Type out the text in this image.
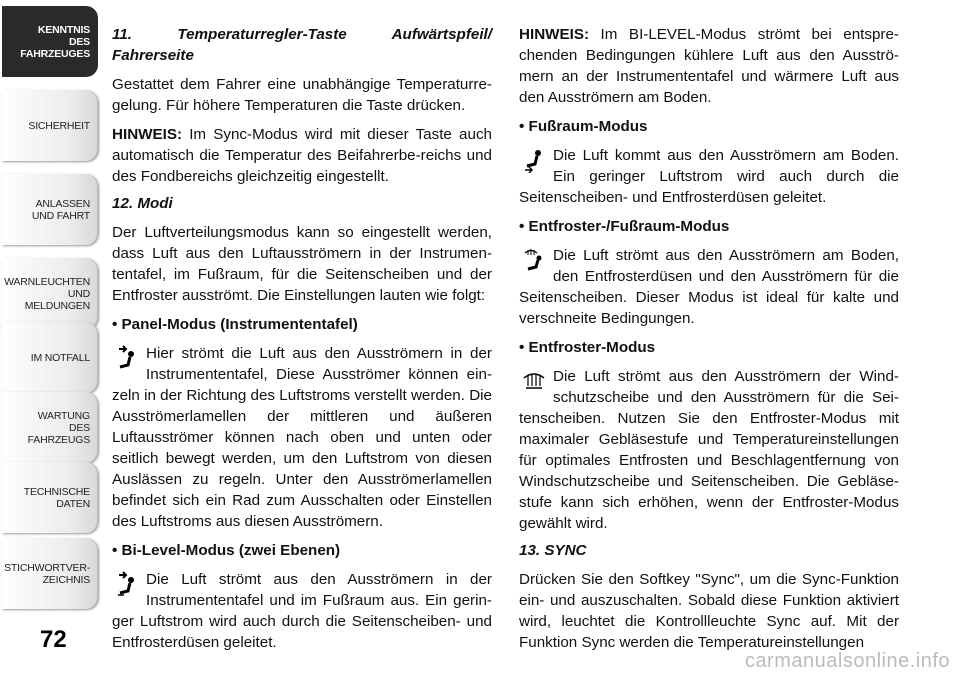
KENNTNIS
DES
FAHRZEUGES
SICHERHEIT
ANLASSEN
UND FAHRT
WARNLEUCHTEN
UND
MELDUNGEN
IM NOTFALL
WARTUNG
DES
FAHRZEUGS
TECHNISCHE
DATEN
STICHWORTVER-
ZEICHNIS
72
carmanualsonline.info

11. Temperaturregler-Taste Aufwärtspfeil/ Fahrerseite

Gestattet dem Fahrer eine unabhängige Temperaturre-gelung. Für höhere Temperaturen die Taste drücken.

HINWEIS: Im Sync-Modus wird mit dieser Taste auch automatisch die Temperatur des Beifahrerbe-reichs und des Fondbereichs gleichzeitig eingestellt.

12. Modi

Der Luftverteilungsmodus kann so eingestellt werden, dass Luft aus den Luftausströmern in der Instrumen-tentafel, im Fußraum, für die Seitenscheiben und der Entfroster ausströmt. Die Einstellungen lauten wie folgt:

• Panel-Modus (Instrumententafel)

Hier strömt die Luft aus den Ausströmern in der Instrumententafel, Diese Ausströmer können ein-zeln in der Richtung des Luftstroms verstellt werden. Die Ausströmerlamellen der mittleren und äußeren Luftausströmer können nach oben und unten oder seitlich bewegt werden, um den Luftstrom von diesen Auslässen zu regeln. Unter den Ausströmerlamellen befindet sich ein Rad zum Ausschalten oder Einstellen des Luftstroms aus diesen Ausströmern.

• Bi-Level-Modus (zwei Ebenen)

Die Luft strömt aus den Ausströmern in der Instrumententafel und im Fußraum aus. Ein gerin-ger Luftstrom wird auch durch die Seitenscheiben- und Entfrosterdüsen geleitet.

HINWEIS: Im BI-LEVEL-Modus strömt bei entspre-chenden Bedingungen kühlere Luft aus den Ausströ-mern an der Instrumententafel und wärmere Luft aus den Ausströmern am Boden.

• Fußraum-Modus

Die Luft kommt aus den Ausströmern am Boden. Ein geringer Luftstrom wird auch durch die Seitenscheiben- und Entfrosterdüsen geleitet.

• Entfroster-/Fußraum-Modus

Die Luft strömt aus den Ausströmern am Boden, den Entfrosterdüsen und den Ausströmern für die Seitenscheiben. Dieser Modus ist ideal für kalte und verschneite Bedingungen.

• Entfroster-Modus

Die Luft strömt aus den Ausströmern der Wind-schutzscheibe und den Ausströmern für die Sei-tenscheiben. Nutzen Sie den Entfroster-Modus mit maximaler Gebläsestufe und Temperatureinstellungen für optimales Entfrosten und Beschlagentfernung von Windschutzscheibe und Seitenscheiben. Die Gebläse-stufe kann sich erhöhen, wenn der Entfroster-Modus gewählt wird.

13. SYNC

Drücken Sie den Softkey "Sync", um die Sync-Funktion ein- und auszuschalten. Sobald diese Funktion aktiviert wird, leuchtet die Kontrollleuchte Sync auf. Mit der Funktion Sync werden die Temperatureinstellungen
